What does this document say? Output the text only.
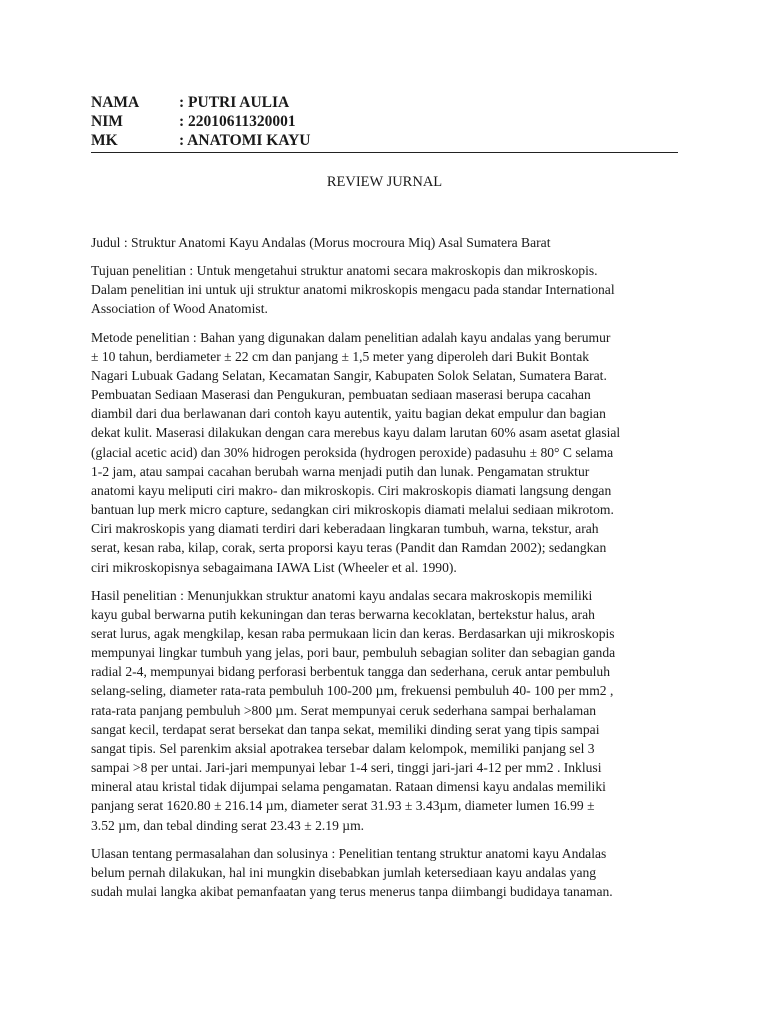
NAMA	: PUTRI AULIA
NIM	: 22010611320001
MK	: ANATOMI KAYU
REVIEW JURNAL

Judul : Struktur Anatomi Kayu Andalas (Morus mocroura Miq) Asal Sumatera Barat

Tujuan penelitian : Untuk mengetahui struktur anatomi secara makroskopis dan mikroskopis.
Dalam penelitian ini untuk uji struktur anatomi mikroskopis mengacu pada standar International
Association of Wood Anatomist.

Metode penelitian : Bahan yang digunakan dalam penelitian adalah kayu andalas yang berumur
± 10 tahun, berdiameter ± 22 cm dan panjang ± 1,5 meter yang diperoleh dari Bukit Bontak
Nagari Lubuak Gadang Selatan, Kecamatan Sangir, Kabupaten Solok Selatan, Sumatera Barat.
Pembuatan Sediaan Maserasi dan Pengukuran, pembuatan sediaan maserasi berupa cacahan
diambil dari dua berlawanan dari contoh kayu autentik, yaitu bagian dekat empulur dan bagian
dekat kulit. Maserasi dilakukan dengan cara merebus kayu dalam larutan 60% asam asetat glasial
(glacial acetic acid) dan 30% hidrogen peroksida (hydrogen peroxide) padasuhu ± 80° C selama
1-2 jam, atau sampai cacahan berubah warna menjadi putih dan lunak. Pengamatan struktur
anatomi kayu meliputi ciri makro- dan mikroskopis. Ciri makroskopis diamati langsung dengan
bantuan lup merk micro capture, sedangkan ciri mikroskopis diamati melalui sediaan mikrotom.
Ciri makroskopis yang diamati terdiri dari keberadaan lingkaran tumbuh, warna, tekstur, arah
serat, kesan raba, kilap, corak, serta proporsi kayu teras (Pandit dan Ramdan 2002); sedangkan
ciri mikroskopisnya sebagaimana IAWA List (Wheeler et al. 1990).

Hasil penelitian : Menunjukkan struktur anatomi kayu andalas secara makroskopis memiliki
kayu gubal berwarna putih kekuningan dan teras berwarna kecoklatan, bertekstur halus, arah
serat lurus, agak mengkilap, kesan raba permukaan licin dan keras. Berdasarkan uji mikroskopis
mempunyai lingkar tumbuh yang jelas, pori baur, pembuluh sebagian soliter dan sebagian ganda
radial 2-4, mempunyai bidang perforasi berbentuk tangga dan sederhana, ceruk antar pembuluh
selang-seling, diameter rata-rata pembuluh 100-200 µm, frekuensi pembuluh 40- 100 per mm2 ,
rata-rata panjang pembuluh >800 µm. Serat mempunyai ceruk sederhana sampai berhalaman
sangat kecil, terdapat serat bersekat dan tanpa sekat, memiliki dinding serat yang tipis sampai
sangat tipis. Sel parenkim aksial apotrakea tersebar dalam kelompok, memiliki panjang sel 3
sampai >8 per untai. Jari-jari mempunyai lebar 1-4 seri, tinggi jari-jari 4-12 per mm2 . Inklusi
mineral atau kristal tidak dijumpai selama pengamatan. Rataan dimensi kayu andalas memiliki
panjang serat 1620.80 ± 216.14 µm, diameter serat 31.93 ± 3.43µm, diameter lumen 16.99 ±
3.52 µm, dan tebal dinding serat 23.43 ± 2.19 µm.

Ulasan tentang permasalahan dan solusinya : Penelitian tentang struktur anatomi kayu Andalas
belum pernah dilakukan, hal ini mungkin disebabkan jumlah ketersediaan kayu andalas yang
sudah mulai langka akibat pemanfaatan yang terus menerus tanpa diimbangi budidaya tanaman.
